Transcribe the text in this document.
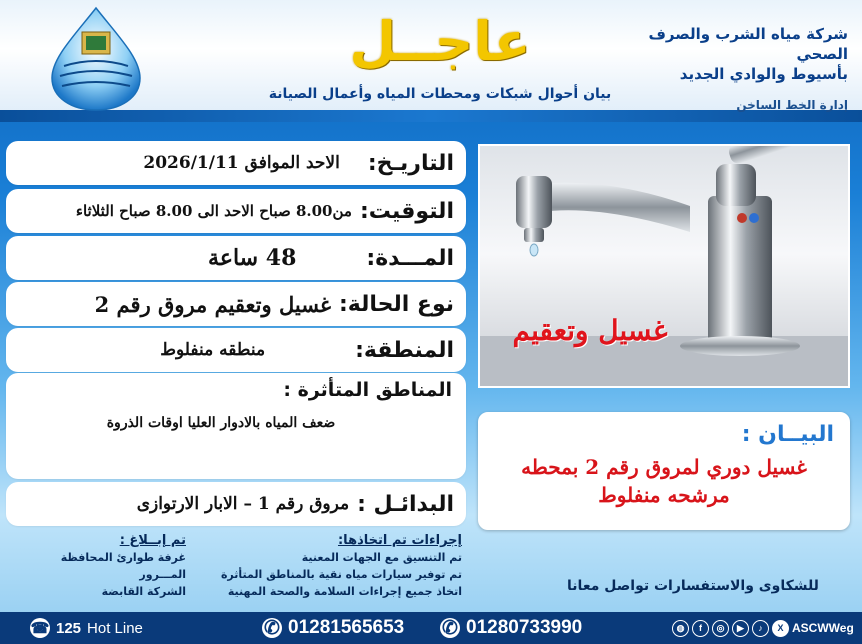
شركة مياه الشرب والصرف الصحي
بأسيوط والوادي الجديد
إدارة الخط الساخن
عاجــل
بيان أحوال شبكات ومحطات المياه وأعمال الصيانة
التاريـخ:
الاحد الموافق 2026/1/11
التوقيت:
من8.00 صباح الاحد الى 8.00 صباح الثلاثاء
المـــدة:
48 ساعة
نوع الحالة:
غسيل وتعقيم مروق رقم 2
المنطقة:
منطقه منفلوط
المناطق المتأثرة :
ضعف المياه بالادوار العليا اوقات الذروة
البدائـل :
مروق رقم 1 – الابار الارتوازى
غسيل وتعقيم
البيــان :
غسيل دوري لمروق رقم 2 بمحطه مرشحه منفلوط
إجراءات تم اتخاذها:
تم التنسيق مع الجهات المعنية
تم توفير سيارات مياه نقية بالمناطق المتأثرة
اتخاذ جميع إجراءات السلامة والصحة المهنية
تم إبــلاغ :
غرفة طوارئ المحافظة
المـــرور
الشركة القابضة	للشكاوى والاستفسارات تواصل معانا
☎ 125 Hot Line	✆ 01281565653 ✆ 01280733990	◍	f	◎	▶	♪	X ASCWWeg
